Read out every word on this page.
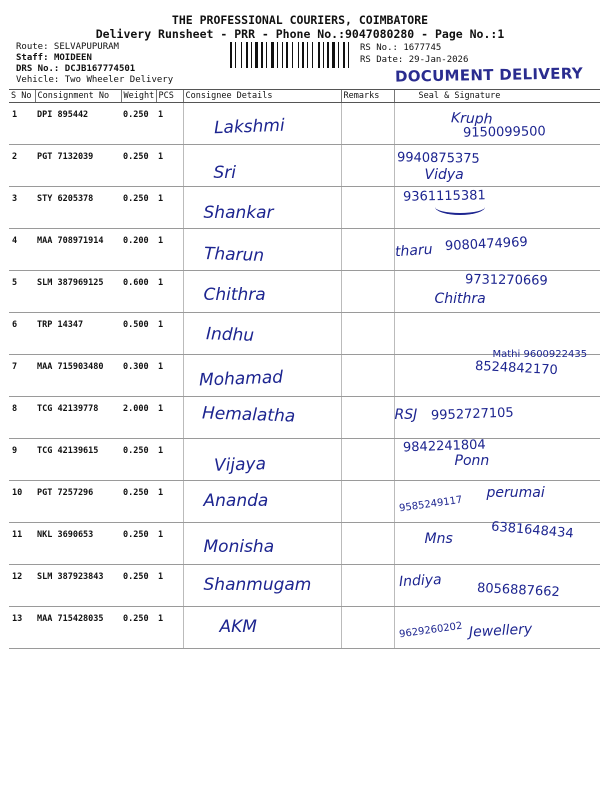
THE PROFESSIONAL COURIERS, COIMBATORE
Delivery Runsheet - PRR - Phone No.:9047080280 - Page No.:1
Route: SELVAPUPURAM
Staff: MOIDEEN
DRS No.: DCJB167774501
Vehicle: Two Wheeler Delivery
RS No.: 1677745
RS Date: 29-Jan-2026
DOCUMENT DELIVERY
S No	Consignment No	Weight	PCS	Consignee Details	Remarks	Seal & Signature
1	DPI 895442	0.250	1	Lakshmi		Kruph
9150099500

2	PGT 7132039	0.250	1	Sri		9940875375
Vidya

3	STY 6205378	0.250	1	Shankar		9361115381

4	MAA 708971914	0.200	1	Tharun		tharu 9080474969

5	SLM 387969125	0.600	1	Chithra		9731270669
Chithra

6	TRP 14347	0.500	1	Indhu		

7	MAA 715903480	0.300	1	Mohamad		Mathi 9600922435
8524842170

8	TCG 42139778	2.000	1	Hemalatha		RSJ 9952727105

9	TCG 42139615	0.250	1	Vijaya		9842241804
Ponn

10	PGT 7257296	0.250	1	Ananda		9585249117
perumai

11	NKL 3690653	0.250	1	Monisha		Mns 6381648434

12	SLM 387923843	0.250	1	Shanmugam		Indiya 8056887662

13	MAA 715428035	0.250	1	AKM		9629260202 Jewellery
